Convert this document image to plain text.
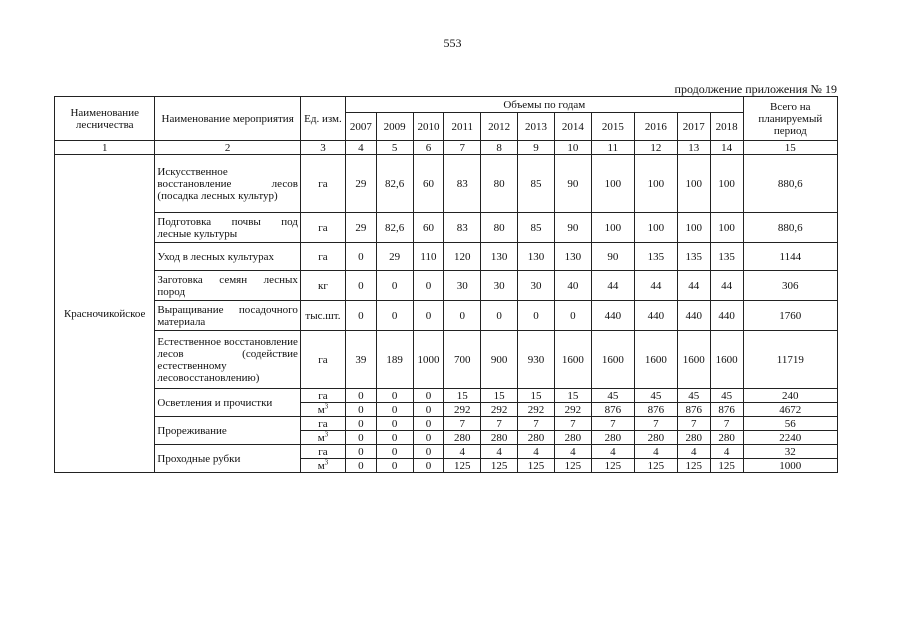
553
продолжение приложения № 19
Наименование лесничества	Наименование мероприятия	Ед. изм.	Объемы по годам											Всего на планируемый период
			2007	2009	2010	2011	2012	2013	2014	2015	2016	2017	2018	
1	2	3	4	5	6	7	8	9	10	11	12	13	14	15
Красночикойское	Искусственное восстановление лесов (посадка лесных культур)	га	29	82,6	60	83	80	85	90	100	100	100	100	880,6
	Подготовка почвы под лесные культуры	га	29	82,6	60	83	80	85	90	100	100	100	100	880,6
	Уход в лесных культурах	га	0	29	110	120	130	130	130	90	135	135	135	1144
	Заготовка семян лесных пород	кг	0	0	0	30	30	30	40	44	44	44	44	306
	Выращивание посадочного материала	тыс.шт.	0	0	0	0	0	0	0	440	440	440	440	1760
	Естественное восстановление лесов (содействие естественному лесовосстановлению)	га	39	189	1000	700	900	930	1600	1600	1600	1600	1600	11719
	Осветления и прочистки	га	0	0	0	15	15	15	15	45	45	45	45	240
		$м^3$	0	0	0	292	292	292	292	876	876	876	876	4672
	Прореживание	га	0	0	0	7	7	7	7	7	7	7	7	56
		$м^3$	0	0	0	280	280	280	280	280	280	280	280	2240
	Проходные рубки	га	0	0	0	4	4	4	4	4	4	4	4	32
		$м^3$	0	0	0	125	125	125	125	125	125	125	125	1000
